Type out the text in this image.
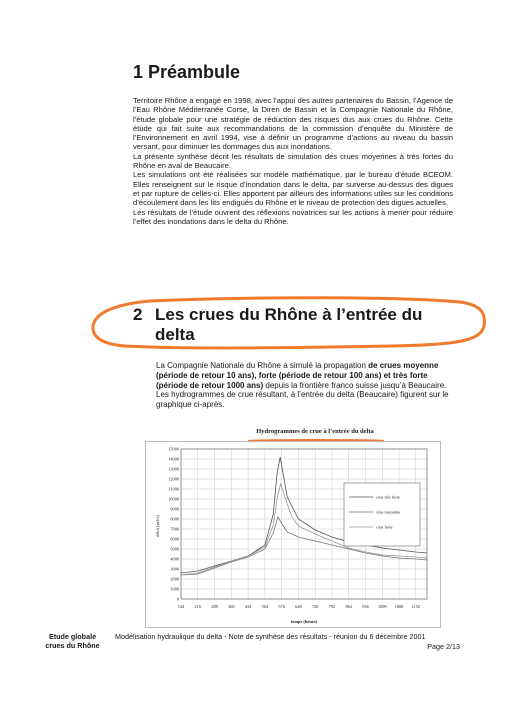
1 Préambule
Territoire Rhône a engagé en 1998, avec l’appui des autres partenaires du Bassin, l’Agence de l’Eau Rhône Méditerranée Corse, la Diren de Bassin et la Compagnie Nationale du Rhône, l’étude globale pour une stratégie de réduction des risques dus aux crues du Rhône. Cette étude qui fait suite aux recommandations de la commission d’enquête du Ministère de l’Environnement en avril 1994, vise à définir un programme d’actions au niveau du bassin versant, pour diminuer les dommages dus aux inondations.
La présente synthèse décrit les résultats de simulation des crues moyennes à très fortes du Rhône en aval de Beaucaire.
Les simulations ont été réalisées sur modèle mathématique, par le bureau d’étude BCEOM. Elles renseignent sur le risque d’inondation dans le delta, par surverse au-dessus des digues et par rupture de celles-ci. Elles apportent par ailleurs des informations utiles sur les conditions d’écoulement dans les lits endigués du Rhône et le niveau de protection des digues actuelles.
Les résultats de l’étude ouvrent des réflexions novatrices sur les actions à mener pour réduire l’effet des inondations dans le delta du Rhône.
2 Les crues du Rhône à l’entrée du
delta
La Compagnie Nationale du Rhône a simulé la propagation de crues moyenne (période de retour 10 ans), forte (période de retour 100 ans) et très forte (période de retour 1000 ans) depuis la frontière franco suisse jusqu’à Beaucaire. Les hydrogrammes de crue résultant, à l’entrée du delta (Beaucaire) figurent sur le graphique ci-après.
Hydrogrammes de crue à l’entrée du delta
0
1000
2000
3000
4000
5000
6000
7000
8000
9000
10000
11000
12000
13000
14000
15000
144 216 288 360 432 504 576 648 720 792 864 936 1008 1080 1152
temps (heure)
débit (m3/s)
crue très forte
crue moyenne
crue forte
Etude globale
crues du Rhône
Modélisation hydraulique du delta - Note de synthèse des résultats - réunion du 6 décembre 2001
Page 2/13
